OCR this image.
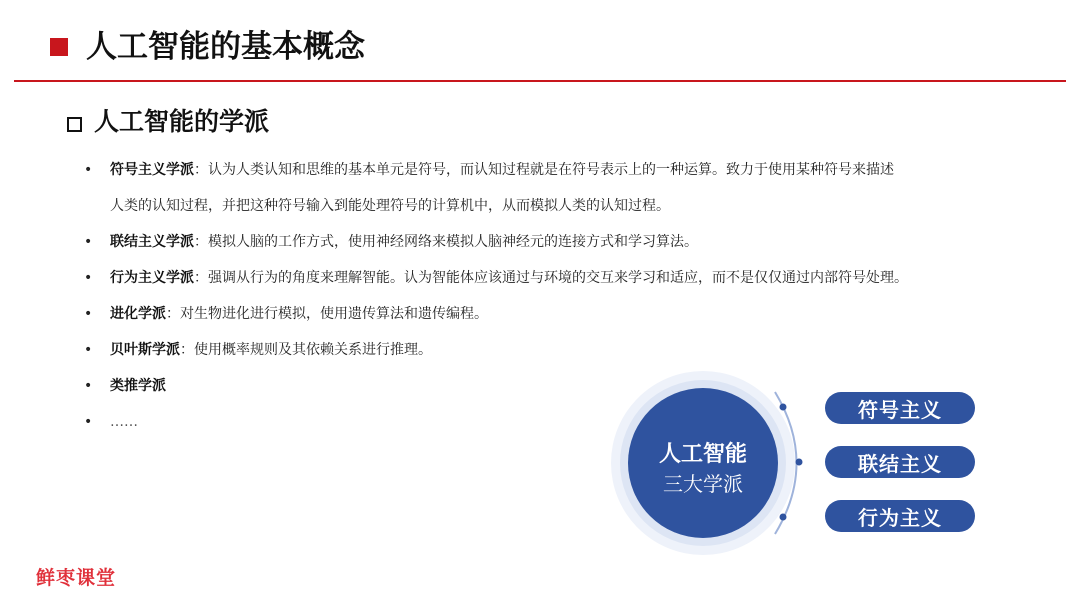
人工智能的基本概念
人工智能的学派
• 符号主义学派：认为人类认知和思维的基本单元是符号，而认知过程就是在符号表示上的一种运算。致力于使用某种符号来描述
人类的认知过程，并把这种符号输入到能处理符号的计算机中，从而模拟人类的认知过程。
• 联结主义学派：模拟人脑的工作方式，使用神经网络来模拟人脑神经元的连接方式和学习算法。
• 行为主义学派：强调从行为的角度来理解智能。认为智能体应该通过与环境的交互来学习和适应，而不是仅仅通过内部符号处理。
• 进化学派：对生物进化进行模拟，使用遗传算法和遗传编程。
• 贝叶斯学派：使用概率规则及其依赖关系进行推理。
• 类推学派
• ……
人工智能
三大学派
符号主义
联结主义
行为主义
鲜枣课堂
